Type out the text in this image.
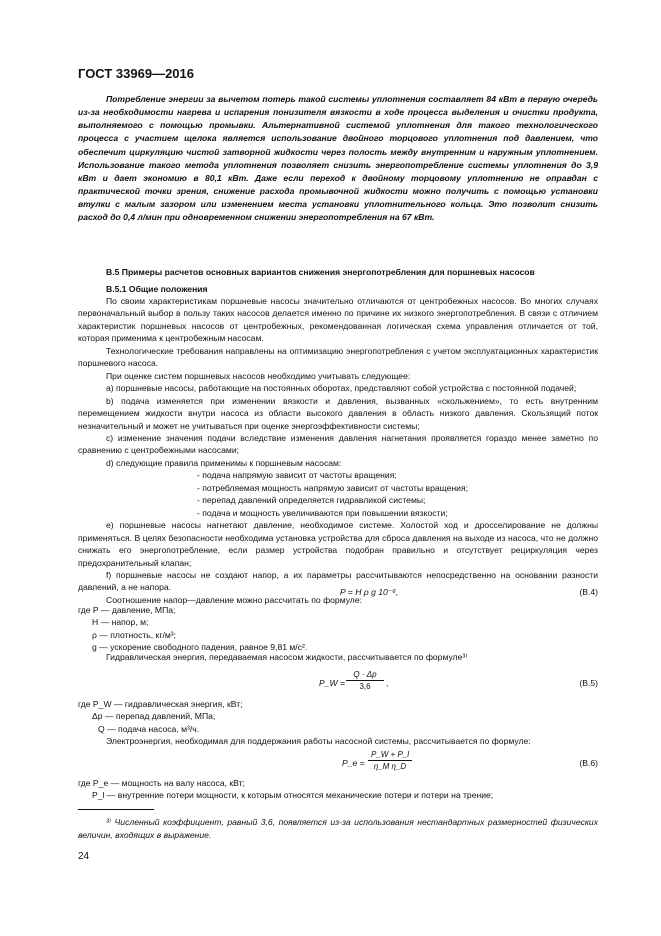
ГОСТ 33969—2016

Потребление энергии за вычетом потерь такой системы уплотнения составляет 84 кВт в первую очередь из-за необходимости нагрева и испарения понизителя вязкости в ходе процесса выделения и очистки продукта, выполняемого с помощью промывки. Альтернативной системой уплотнения для такого технологического процесса с участием щелока является использование двойного торцового уплотнения под давлением, что обеспечит циркуляцию чистой затворной жидкости через полость между внутренним и наружным уплотнением. Использование такого метода уплотнения позволяет снизить энергопотребление системы уплотнения до 3,9 кВт и дает экономию в 80,1 кВт. Даже если переход к двойному торцовому уплотнению не оправдан с практической точки зрения, снижение расхода промывочной жидкости можно получить с помощью установки втулки с малым зазором или изменением места установки уплотнительного кольца. Это позволит снизить расход до 0,4 л/мин при одновременном снижении энергопотребления на 67 кВт.

В.5 Примеры расчетов основных вариантов снижения энергопотребления для поршневых насосов
В.5.1 Общие положения

По своим характеристикам поршневые насосы значительно отличаются от центробежных насосов. Во многих случаях первоначальный выбор в пользу таких насосов делается именно по причине их низкого энергопотребления. В связи с отличием характеристик поршневых насосов от центробежных, рекомендованная логическая схема управления отличается от той, которая применима к центробежным насосам.

Технологические требования направлены на оптимизацию энергопотребления с учетом эксплуатационных характеристик поршневого насоса.

При оценке систем поршневых насосов необходимо учитывать следующее:

а) поршневые насосы, работающие на постоянных оборотах, представляют собой устройства с постоянной подачей;

b) подача изменяется при изменении вязкости и давления, вызванных «скольжением», то есть внутренним перемещением жидкости внутри насоса из области высокого давления в область низкого давления. Скользящий поток незначительный и может не учитываться при оценке энергоэффективности системы;

с) изменение значения подачи вследствие изменения давления нагнетания проявляется гораздо менее заметно по сравнению с центробежными насосами;

d) следующие правила применимы к поршневым насосам:

- подача напрямую зависит от частоты вращения;

- потребляемая мощность напрямую зависит от частоты вращения;

- перепад давлений определяется гидравликой системы;

- подача и мощность увеличиваются при повышении вязкости;

е) поршневые насосы нагнетают давление, необходимое системе. Холостой ход и дросселирование не должны применяться. В целях безопасности необходима установка устройства для сброса давления на выходе из насоса, что не должно снижать его энергопотребление, если размер устройства подобран правильно и отсутствует рециркуляция через предохранительный клапан;

f) поршневые насосы не создают напор, а их параметры рассчитываются непосредственно на основании разности давлений, а не напора.

Соотношение напор—давление можно рассчитать по формуле:

P = H ρ g 10⁻⁶,	(B.4)
где P — давление, МПа;
H — напор, м;
ρ — плотность, кг/м³;
g — ускорение свободного падения, равное 9,81 м/с².

Гидравлическая энергия, передаваемая насосом жидкости, рассчитывается по формуле³⁾

P_W = $\frac{Q \cdot \Delta p}{3,6}$ ,	(B.5)
где P_W — гидравлическая энергия, кВт;
Δp — перепад давлений, МПа;
Q — подача насоса, м³/ч.

Электроэнергия, необходимая для поддержания работы насосной системы, рассчитывается по формуле:

P_e = $\frac{P\_W + P\_l}{\text{η\_M η\_D}}$	(B.6)
где P_e — мощность на валу насоса, кВт;
P_l — внутренние потери мощности, к которым относятся механические потери и потери на трение;

³⁾ Численный коэффициент, равный 3,6, появляется из-за использования нестандартных размерностей физических величин, входящих в выражение.

24
